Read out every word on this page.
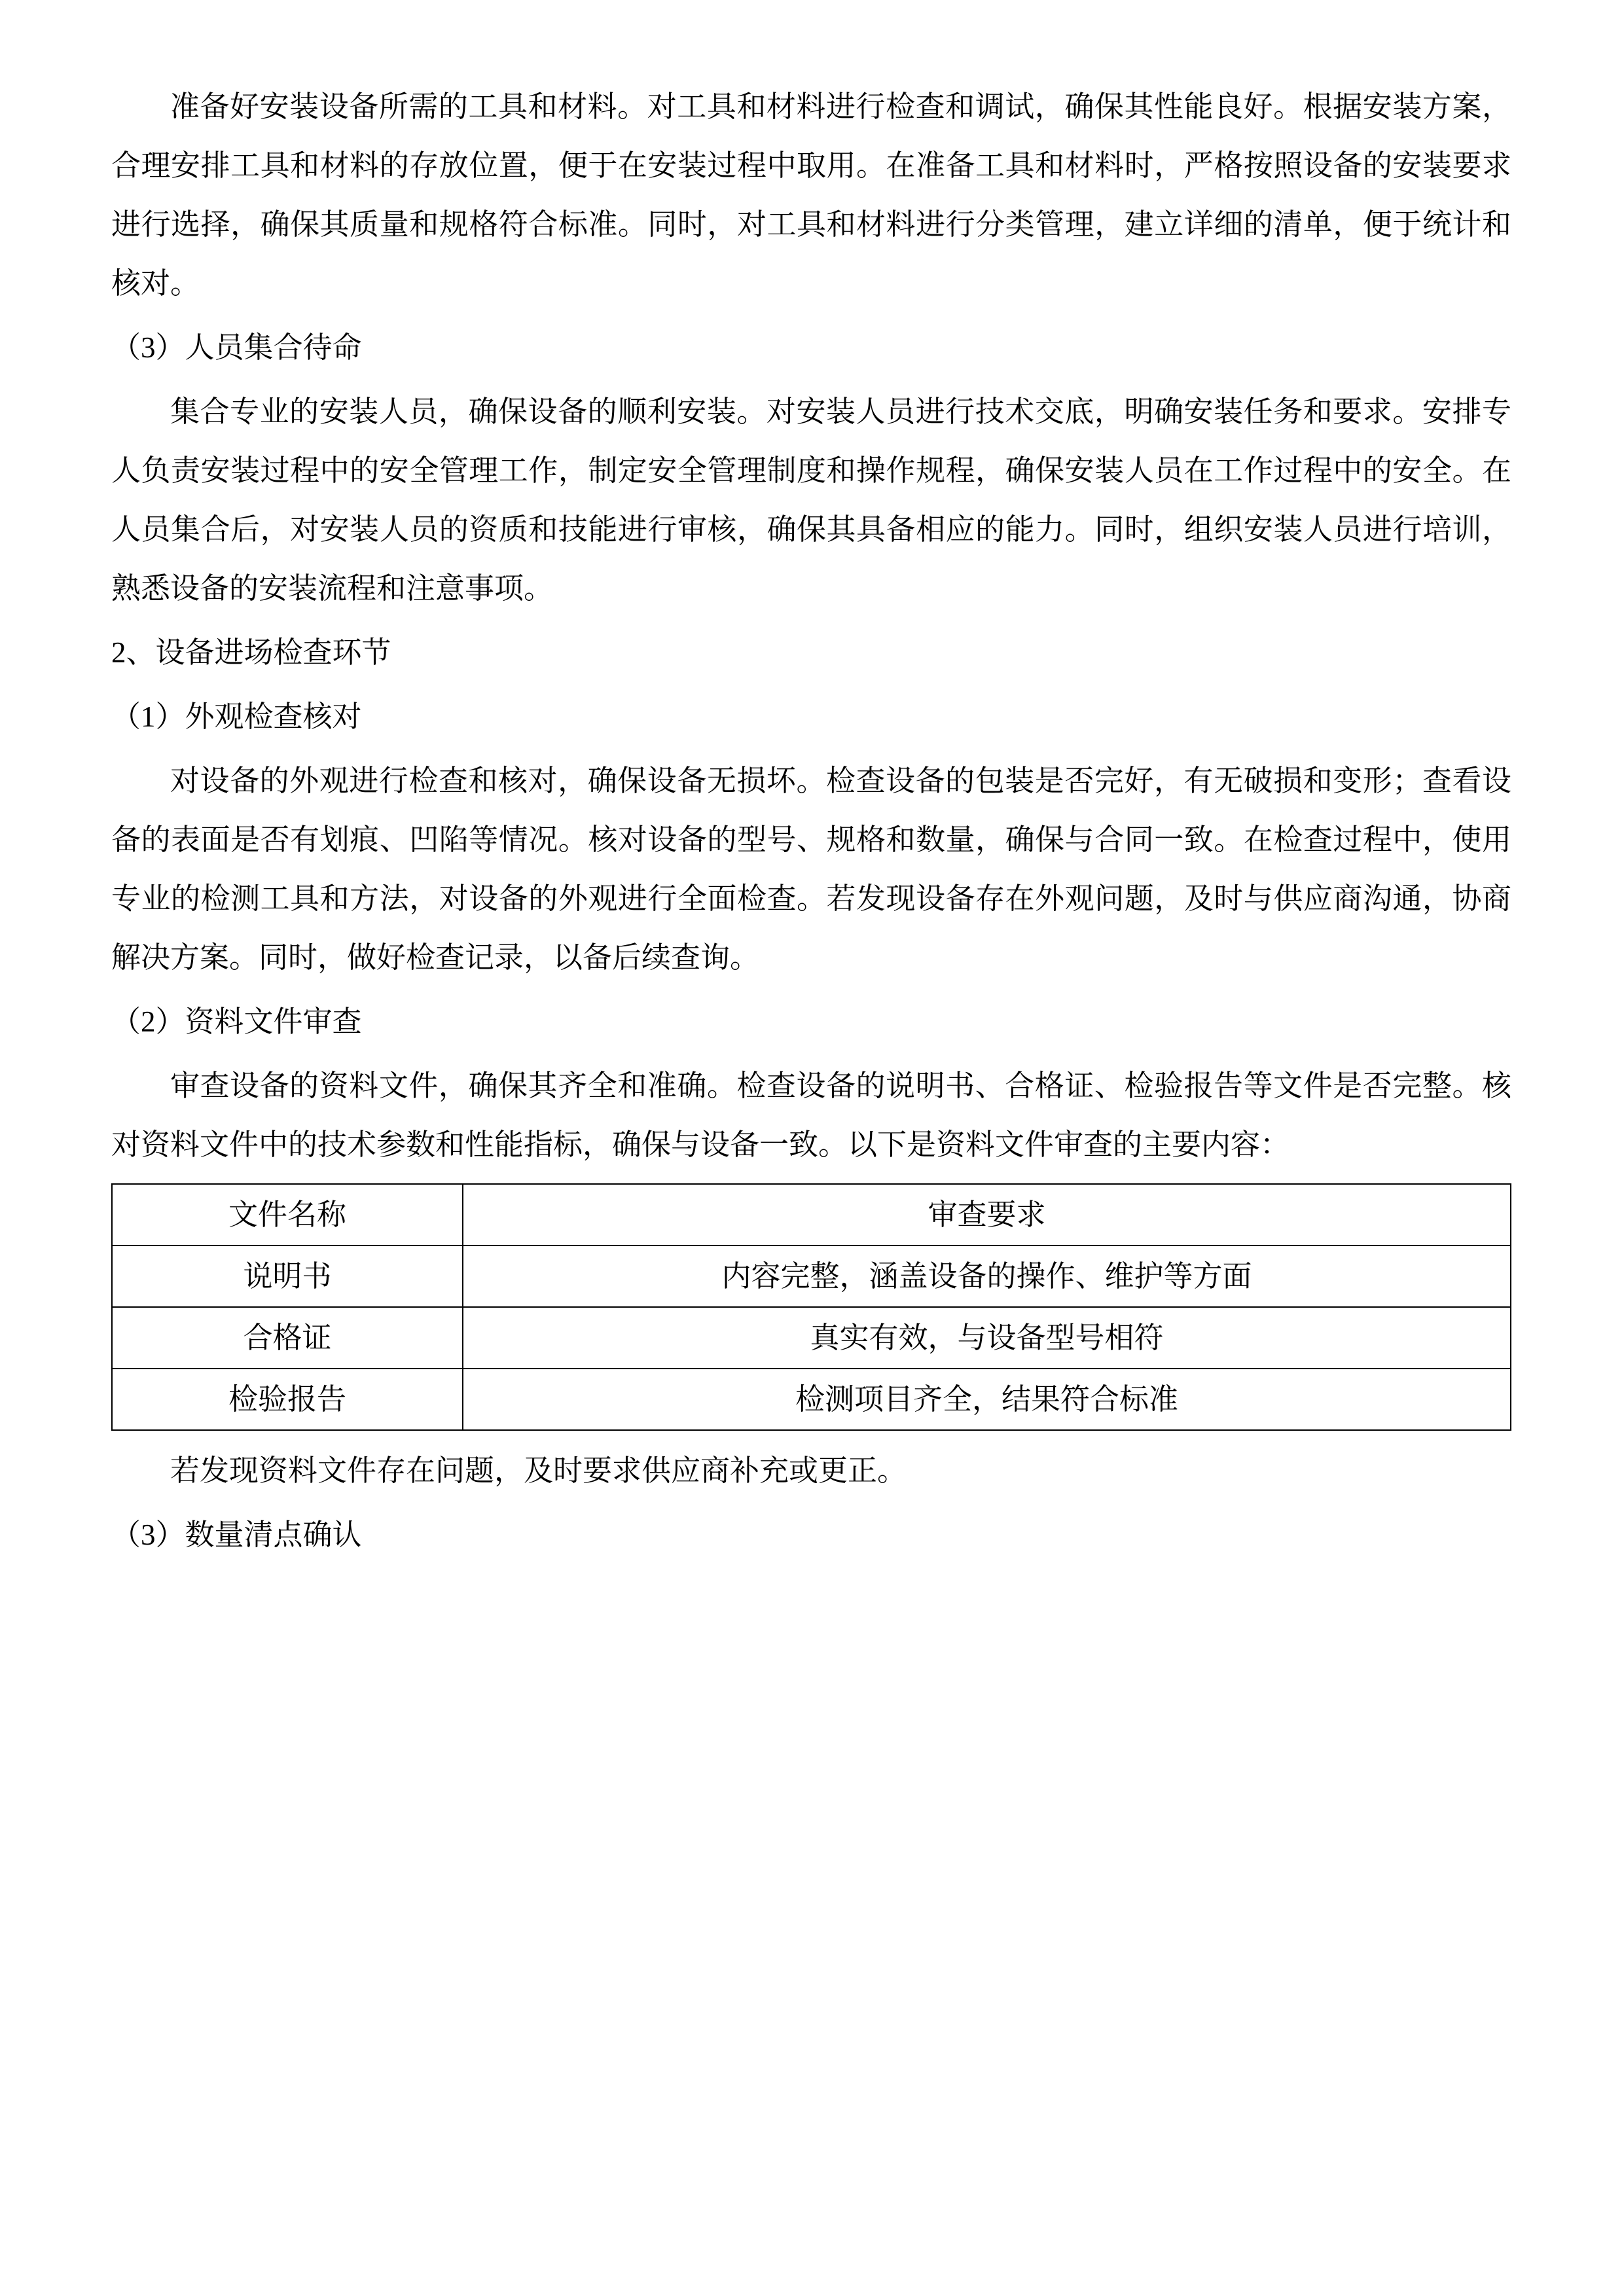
准备好安装设备所需的工具和材料。对工具和材料进行检查和调试，确保其性能良好。根据安装方案，合理安排工具和材料的存放位置，便于在安装过程中取用。在准备工具和材料时，严格按照设备的安装要求进行选择，确保其质量和规格符合标准。同时，对工具和材料进行分类管理，建立详细的清单，便于统计和核对。

（3）人员集合待命

集合专业的安装人员，确保设备的顺利安装。对安装人员进行技术交底，明确安装任务和要求。安排专人负责安装过程中的安全管理工作，制定安全管理制度和操作规程，确保安装人员在工作过程中的安全。在人员集合后，对安装人员的资质和技能进行审核，确保其具备相应的能力。同时，组织安装人员进行培训，熟悉设备的安装流程和注意事项。

2、设备进场检查环节

（1）外观检查核对

对设备的外观进行检查和核对，确保设备无损坏。检查设备的包装是否完好，有无破损和变形；查看设备的表面是否有划痕、凹陷等情况。核对设备的型号、规格和数量，确保与合同一致。在检查过程中，使用专业的检测工具和方法，对设备的外观进行全面检查。若发现设备存在外观问题，及时与供应商沟通，协商解决方案。同时，做好检查记录，以备后续查询。

（2）资料文件审查

审查设备的资料文件，确保其齐全和准确。检查设备的说明书、合格证、检验报告等文件是否完整。核对资料文件中的技术参数和性能指标，确保与设备一致。以下是资料文件审查的主要内容：

文件名称	审查要求
说明书	内容完整，涵盖设备的操作、维护等方面
合格证	真实有效，与设备型号相符
检验报告	检测项目齐全，结果符合标准

若发现资料文件存在问题，及时要求供应商补充或更正。

（3）数量清点确认
